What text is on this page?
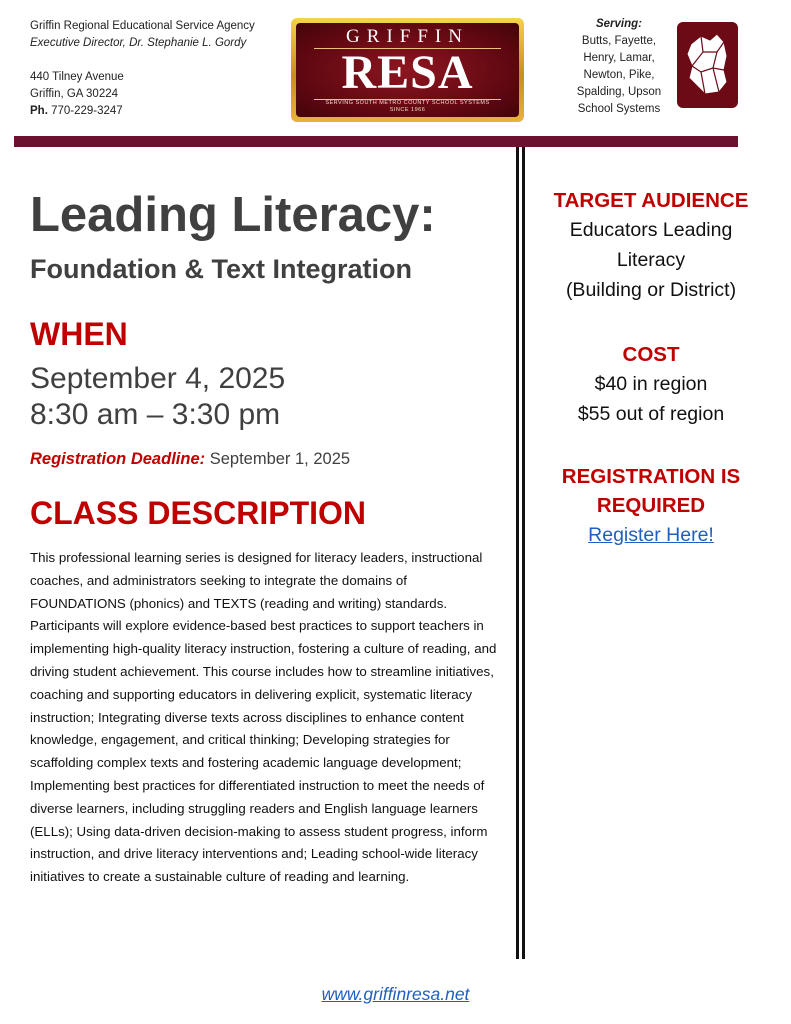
Griffin Regional Educational Service Agency
Executive Director, Dr. Stephanie L. Gordy
440 Tilney Avenue
Griffin, GA 30224
Ph. 770-229-3247
GRIFFIN
RESA
SERVING SOUTH METRO COUNTY SCHOOL SYSTEMS
SINCE 1966
Serving:
Butts, Fayette,
Henry, Lamar,
Newton, Pike,
Spalding, Upson
School Systems
Leading Literacy:
Foundation & Text Integration
WHEN

September 4, 2025

8:30 am – 3:30 pm

Registration Deadline: September 1, 2025
CLASS DESCRIPTION

This professional learning series is designed for literacy leaders, instructional coaches, and administrators seeking to integrate the domains of FOUNDATIONS (phonics) and TEXTS (reading and writing) standards. Participants will explore evidence-based best practices to support teachers in implementing high-quality literacy instruction, fostering a culture of reading, and driving student achievement. This course includes how to streamline initiatives, coaching and supporting educators in delivering explicit, systematic literacy instruction; Integrating diverse texts across disciplines to enhance content knowledge, engagement, and critical thinking; Developing strategies for scaffolding complex texts and fostering academic language development; Implementing best practices for differentiated instruction to meet the needs of diverse learners, including struggling readers and English language learners (ELLs); Using data-driven decision-making to assess student progress, inform instruction, and drive literacy interventions and; Leading school-wide literacy initiatives to create a sustainable culture of reading and learning.

TARGET AUDIENCE

Educators Leading

Literacy

(Building or District)

COST

$40 in region

$55 out of region

REGISTRATION IS

REQUIRED

Register Here!
www.griffinresa.net
